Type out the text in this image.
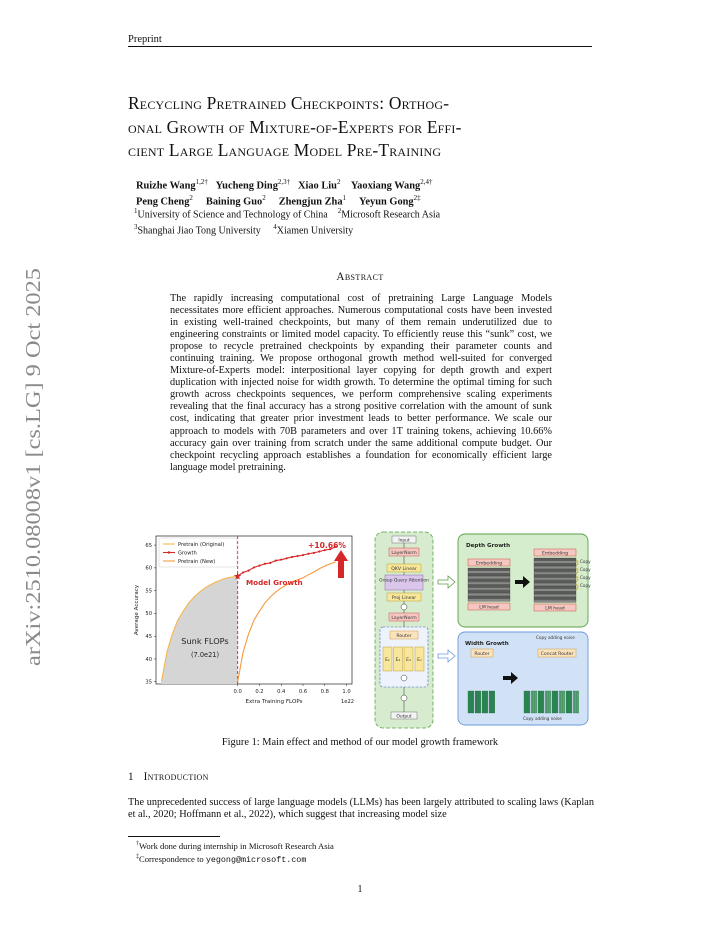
Preprint
arXiv:2510.08008v1 [cs.LG] 9 Oct 2025
Recycling Pretrained Checkpoints: Orthog-
onal Growth of Mixture-of-Experts for Effi-
cient Large Language Model Pre-Training
Ruizhe Wang$^{1,2\dagger}$ Yucheng Ding$^{2,3\dagger}$ Xiao Liu$^2$ Yaoxiang Wang$^{2,4\dagger}$
Peng Cheng$^2$ Baining Guo$^2$ Zhengjun Zha$^1$ Yeyun Gong$^{2\ddagger}$
$^1$University of Science and Technology of China $^2$Microsoft Research Asia
$^3$Shanghai Jiao Tong University $^4$Xiamen University
Abstract
The rapidly increasing computational cost of pretraining Large Language Models necessitates more efficient approaches. Numerous computational costs have been invested in existing well-trained checkpoints, but many of them remain underutilized due to engineering constraints or limited model capacity. To efficiently reuse this “sunk” cost, we propose to recycle pretrained checkpoints by expanding their parameter counts and continuing training. We propose orthogonal growth method well-suited for converged Mixture-of-Experts model: interpositional layer copying for depth growth and expert duplication with injected noise for width growth. To determine the optimal timing for such growth across checkpoints sequences, we perform comprehensive scaling experiments revealing that the final accuracy has a strong positive correlation with the amount of sunk cost, indicating that greater prior investment leads to better performance. We scale our approach to models with 70B parameters and over 1T training tokens, achieving 10.66% accuracy gain over training from scratch under the same additional compute budget. Our checkpoint recycling approach establishes a foundation for economically efficient large language model pretraining.
35
40
45
50
55
60
65
0.0	0.2	0.4	0.6	0.8	1.0
Average Accuracy
Extra Training FLOPs	1e22
Pretrain (Original)
Growth
Pretrain (New)
Sunk FLOPs
(7.0e21)
★ Model Growth
+10.66%	Input
LayerNorm
QKV Linear
Group Query Attention
Proj Linear
LayerNorm
Router
E₁ E₂ E₃ Eₙ
Output
Depth Growth
Embedding
LM head
Embedding
LM head
Copy
Copy
Copy
Copy
Width Growth
Copy adding noise
Router	Concat Router
Copy adding noise
Figure 1: Main effect and method of our model growth framework
1 Introduction
The unprecedented success of large language models (LLMs) has been largely attributed to scaling laws (Kaplan et al., 2020; Hoffmann et al., 2022), which suggest that increasing model size
†Work done during internship in Microsoft Research Asia
‡Correspondence to yegong@microsoft.com
1
